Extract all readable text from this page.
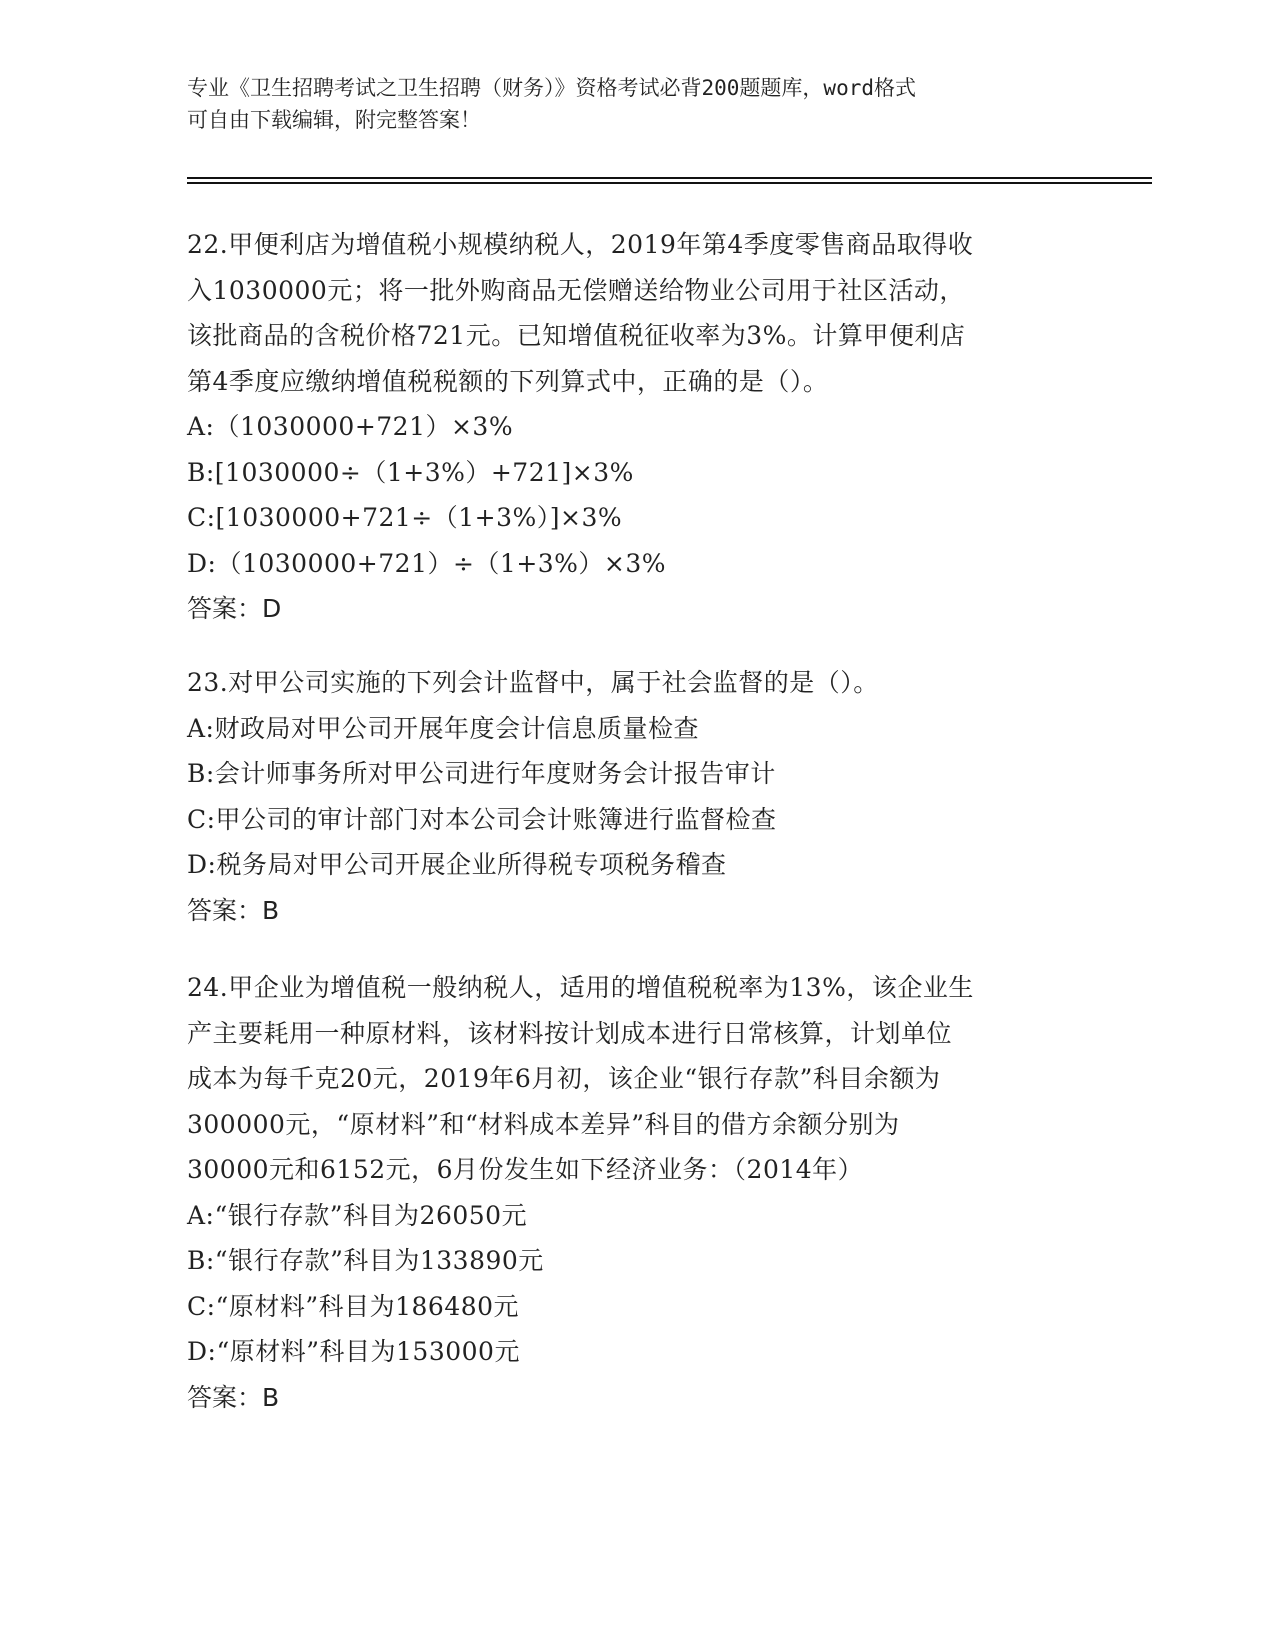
专业《卫生招聘考试之卫生招聘（财务）》资格考试必背200题题库，word格式
可自由下载编辑，附完整答案！
22.甲便利店为增值税小规模纳税人，2019年第4季度零售商品取得收
入1030000元；将一批外购商品无偿赠送给物业公司用于社区活动，
该批商品的含税价格721元。已知增值税征收率为3%。计算甲便利店
第4季度应缴纳增值税税额的下列算式中，正确的是（）。
A:（1030000+721）×3%
B:[1030000÷（1+3%）+721]×3%
C:[1030000+721÷（1+3%）]×3%
D:（1030000+721）÷（1+3%）×3%
答案：D
23.对甲公司实施的下列会计监督中，属于社会监督的是（）。
A:财政局对甲公司开展年度会计信息质量检查
B:会计师事务所对甲公司进行年度财务会计报告审计
C:甲公司的审计部门对本公司会计账簿进行监督检查
D:税务局对甲公司开展企业所得税专项税务稽查
答案：B
24.甲企业为增值税一般纳税人，适用的增值税税率为13%，该企业生
产主要耗用一种原材料，该材料按计划成本进行日常核算，计划单位
成本为每千克20元，2019年6月初，该企业“银行存款”科目余额为
300000元，“原材料”和“材料成本差异”科目的借方余额分别为
30000元和6152元，6月份发生如下经济业务：（2014年）
A:“银行存款”科目为26050元
B:“银行存款”科目为133890元
C:“原材料”科目为186480元
D:“原材料”科目为153000元
答案：B
